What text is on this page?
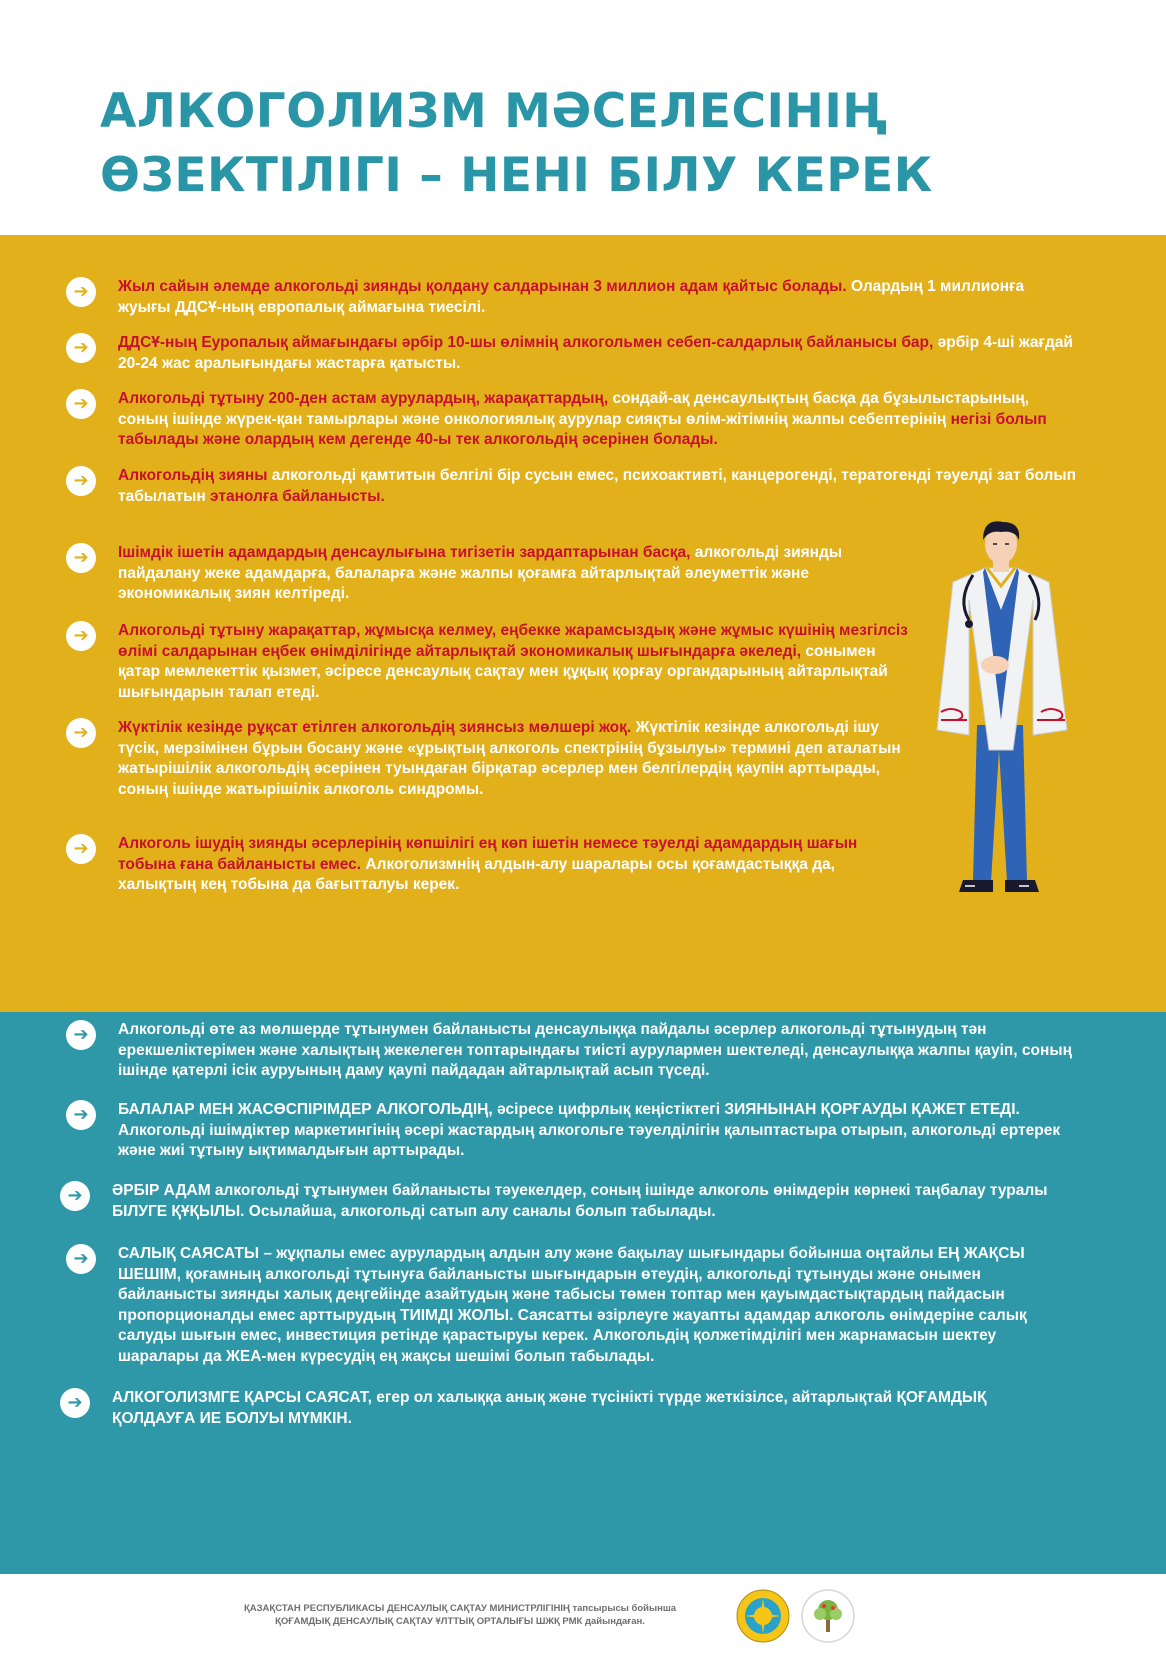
АЛКОГОЛИЗМ МӘСЕЛЕСІНІҢ
ӨЗЕКТІЛІГІ – НЕНІ БІЛУ КЕРЕК
➔	Жыл сайын әлемде алкогольді зиянды қолдану салдарынан 3 миллион адам қайтыс болады. Олардың 1 миллионға жуығы ДДСҰ-ның европалық аймағына тиесілі.
➔	ДДСҰ-ның Еуропалық аймағындағы әрбір 10-шы өлімнің алкогольмен себеп-салдарлық байланысы бар, әрбір 4-ші жағдай 20-24 жас аралығындағы жастарға қатысты.
➔	Алкогольді тұтыну 200-ден астам аурулардың, жарақаттардың, сондай-ақ денсаулықтың басқа да бұзылыстарының, соның ішінде жүрек-қан тамырлары және онкологиялық аурулар сияқты өлім-жітімнің жалпы себептерінің негізі болып табылады және олардың кем дегенде 40-ы тек алкогольдің әсерінен болады.
➔	Алкогольдің зияны алкогольді қамтитын белгілі бір сусын емес, психоактивті, канцерогенді, тератогенді тәуелді зат болып табылатын этанолға байланысты.
➔	Ішімдік ішетін адамдардың денсаулығына тигізетін зардаптарынан басқа, алкогольді зиянды пайдалану жеке адамдарға, балаларға және жалпы қоғамға айтарлықтай әлеуметтік және экономикалық зиян келтіреді.
➔	Алкогольді тұтыну жарақаттар, жұмысқа келмеу, еңбекке жарамсыздық және жұмыс күшінің мезгілсіз өлімі салдарынан еңбек өнімділігінде айтарлықтай экономикалық шығындарға әкеледі, сонымен қатар мемлекеттік қызмет, әсіресе денсаулық сақтау мен құқық қорғау органдарының айтарлықтай шығындарын талап етеді.
➔	Жүктілік кезінде рұқсат етілген алкогольдің зиянсыз мөлшері жоқ. Жүктілік кезінде алкогольді ішу түсік, мерзімінен бұрын босану және «ұрықтың алкоголь спектрінің бұзылуы» термині деп аталатын жатырішілік алкогольдің әсерінен туындаған бірқатар әсерлер мен белгілердің қаупін арттырады, соның ішінде жатырішілік алкоголь синдромы.
➔	Алкоголь ішудің зиянды әсерлерінің көпшілігі ең көп ішетін немесе тәуелді адамдардың шағын тобына ғана байланысты емес. Алкоголизмнің алдын-алу шаралары осы қоғамдастыққа да, халықтың кең тобына да бағытталуы керек.
➔	Алкогольді өте аз мөлшерде тұтынумен байланысты денсаулыққа пайдалы әсерлер алкогольді тұтынудың тән ерекшеліктерімен және халықтың жекелеген топтарындағы тиісті аурулармен шектеледі, денсаулыққа жалпы қауіп, соның ішінде қатерлі ісік ауруының даму қаупі пайдадан айтарлықтай асып түседі.
➔	БАЛАЛАР МЕН ЖАСӨСПІРІМДЕР АЛКОГОЛЬДІҢ, әсіресе цифрлық кеңістіктегі ЗИЯНЫНАН ҚОРҒАУДЫ ҚАЖЕТ ЕТЕДІ. Алкогольді ішімдіктер маркетингінің әсері жастардың алкогольге тәуелділігін қалыптастыра отырып, алкогольді ертерек және жиі тұтыну ықтималдығын арттырады.
➔	ӘРБІР АДАМ алкогольді тұтынумен байланысты тәуекелдер, соның ішінде алкоголь өнімдерін көрнекі таңбалау туралы БІЛУГЕ ҚҰҚЫЛЫ. Осылайша, алкогольді сатып алу саналы болып табылады.
➔	САЛЫҚ САЯСАТЫ – жұқпалы емес аурулардың алдын алу және бақылау шығындары бойынша оңтайлы ЕҢ ЖАҚСЫ ШЕШІМ, қоғамның алкогольді тұтынуға байланысты шығындарын өтеудің, алкогольді тұтынуды және онымен байланысты зиянды халық деңгейінде азайтудың және табысы төмен топтар мен қауымдастықтардың пайдасын пропорционалды емес арттырудың ТИІМДІ ЖОЛЫ. Саясатты әзірлеуге жауапты адамдар алкоголь өнімдеріне салық салуды шығын емес, инвестиция ретінде қарастыруы керек. Алкогольдің қолжетімділігі мен жарнамасын шектеу шаралары да ЖЕА-мен күресудің ең жақсы шешімі болып табылады.
➔	АЛКОГОЛИЗМГЕ ҚАРСЫ САЯСАТ, егер ол халыққа анық және түсінікті түрде жеткізілсе, айтарлықтай ҚОҒАМДЫҚ ҚОЛДАУҒА ИЕ БОЛУЫ МҮМКІН.
ҚАЗАҚСТАН РЕСПУБЛИКАСЫ ДЕНСАУЛЫҚ САҚТАУ МИНИСТРЛІГІНІҢ тапсырысы бойынша
ҚОҒАМДЫҚ ДЕНСАУЛЫҚ САҚТАУ ҰЛТТЫҚ ОРТАЛЫҒЫ ШЖҚ РМК дайындаған.
